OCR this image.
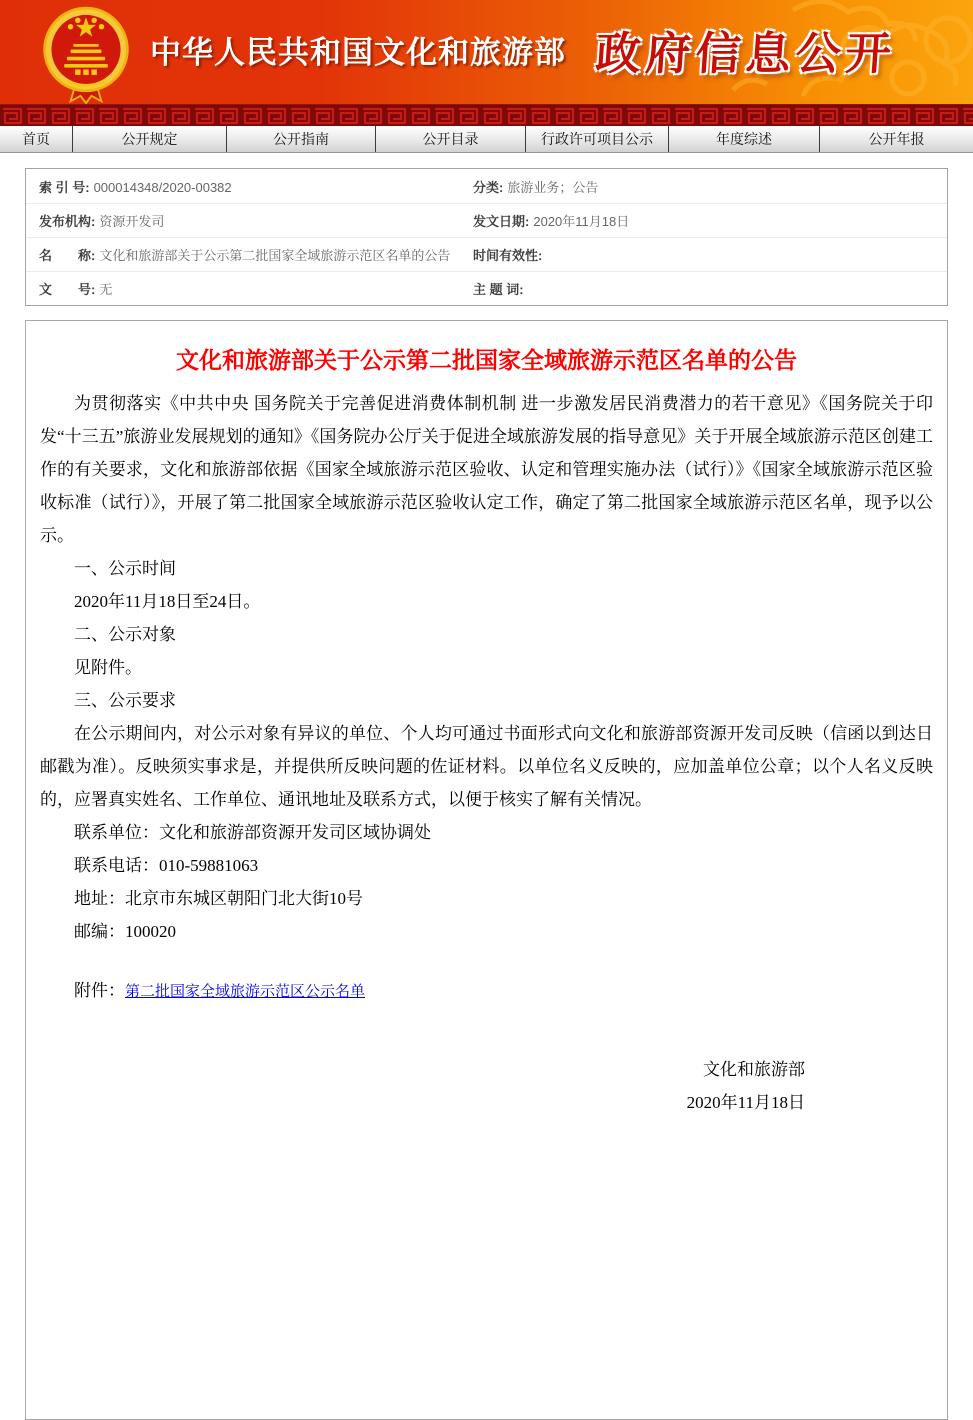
中华人民共和国文化和旅游部 政府信息公开
首页	公开规定	公开指南	公开目录	行政许可项目公示	年度综述	公开年报
索 引 号: 000014348/2020-00382	分类: 旅游业务；公告
发布机构: 资源开发司	发文日期: 2020年11月18日
名　　称: 文化和旅游部关于公示第二批国家全域旅游示范区名单的公告 时间有效性:
文　　号: 无	主 题 词:
文化和旅游部关于公示第二批国家全域旅游示范区名单的公告

为贯彻落实《中共中央 国务院关于完善促进消费体制机制 进一步激发居民消费潜力的若干意见》《国务院关于印发“十三五”旅游业发展规划的通知》《国务院办公厅关于促进全域旅游发展的指导意见》关于开展全域旅游示范区创建工作的有关要求，文化和旅游部依据《国家全域旅游示范区验收、认定和管理实施办法（试行）》《国家全域旅游示范区验收标准（试行）》，开展了第二批国家全域旅游示范区验收认定工作，确定了第二批国家全域旅游示范区名单，现予以公示。

一、公示时间

2020年11月18日至24日。

二、公示对象

见附件。

三、公示要求

在公示期间内，对公示对象有异议的单位、个人均可通过书面形式向文化和旅游部资源开发司反映（信函以到达日邮戳为准）。反映须实事求是，并提供所反映问题的佐证材料。以单位名义反映的，应加盖单位公章；以个人名义反映的，应署真实姓名、工作单位、通讯地址及联系方式，以便于核实了解有关情况。

联系单位：文化和旅游部资源开发司区域协调处

联系电话：010-59881063

地址：北京市东城区朝阳门北大街10号

邮编：100020

附件：第二批国家全域旅游示范区公示名单
文化和旅游部
2020年11月18日
